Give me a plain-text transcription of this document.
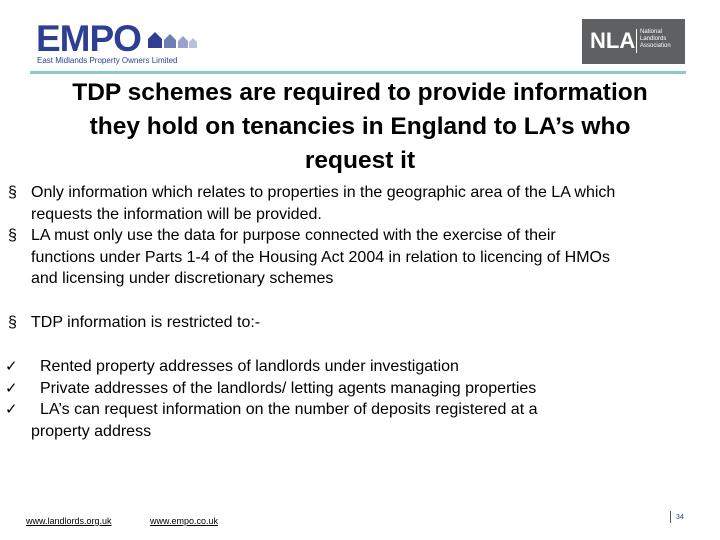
EMPO
East Midlands Property Owners Limited
NLA National
Landlords
Association
TDP schemes are required to provide information
they hold on tenancies in England to LA’s who
request it
§ Only information which relates to properties in the geographic area of the LA which
requests the information will be provided.
§ LA must only use the data for purpose connected with the exercise of their
functions under Parts 1-4 of the Housing Act 2004 in relation to licencing of HMOs
and licensing under discretionary schemes
§ TDP information is restricted to:-
✓	Rented property addresses of landlords under investigation
✓	Private addresses of the landlords/ letting agents managing properties
✓	LA’s can request information on the number of deposits registered at a
property address
www.landlords.org.uk	www.empo.co.uk	34
